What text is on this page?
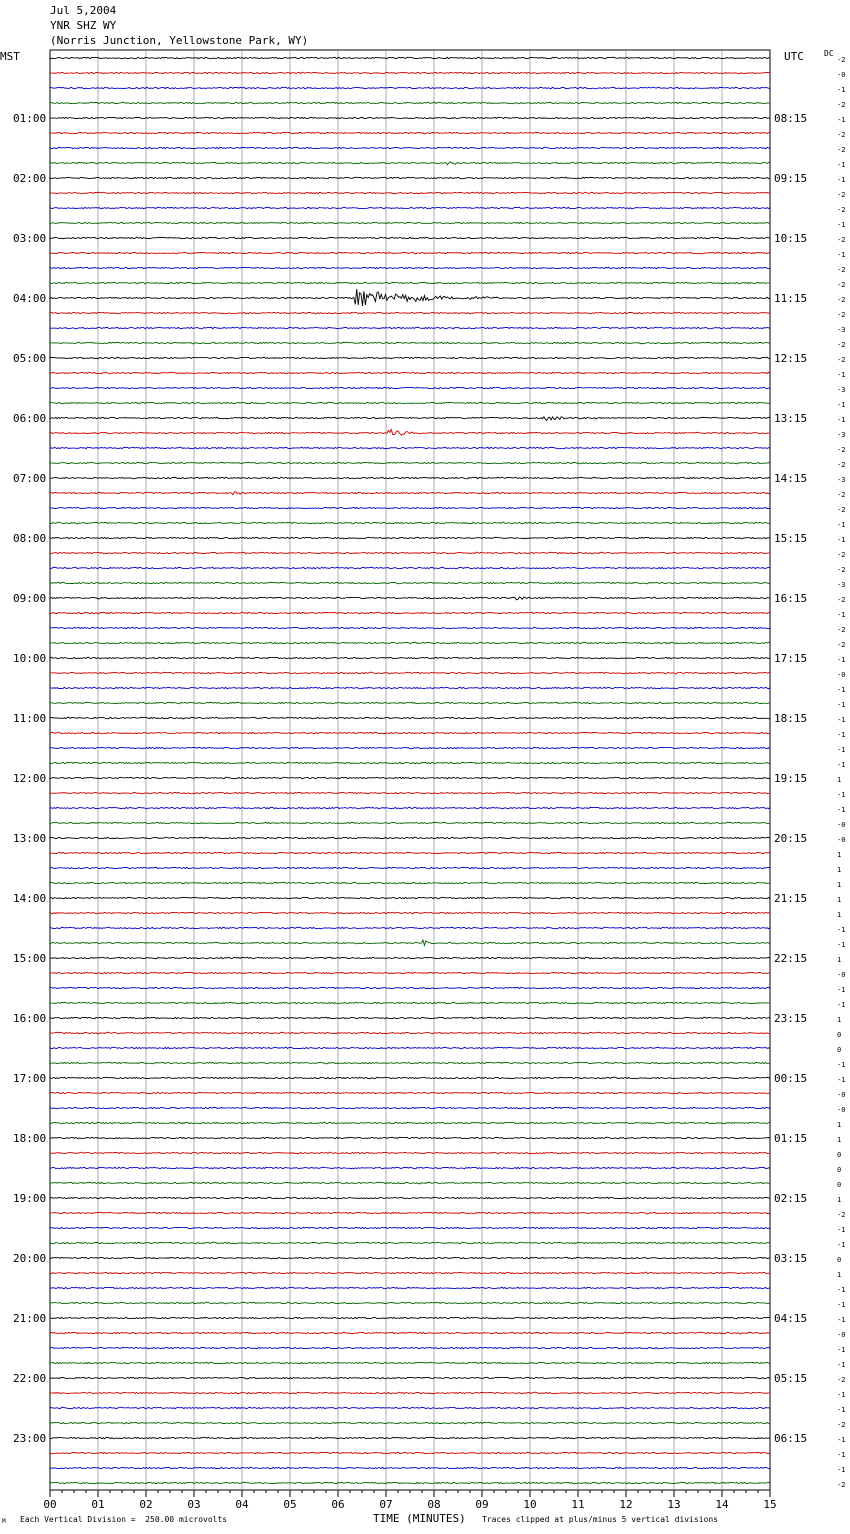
Jul 5,2004
YNR SHZ WY
(Norris Junction, Yellowstone Park, WY)
MST	UTC	DC
-2
-0
-1
-2
-1
-2
-2
-1
-1
-2
-2
-1
-2
-1
-2
-2
-2
-2
-3
-2
-2
-1
-3
-1
-1
-3
-2
-2
-3
-2
-2
-1
-1
-2
-2
-3
-2
-1
-2
-2
-1
-0
-1
-1
-1
-1
-1
-1
1
-1
-1
-0
-0
1
1
1
1
1
-1
-1
1
-0
-1
-1
1
0
0
-1
-1
-0
-0
1
1
0
0
0
1
-2
-1
-1
0
1
-1
-1
-1
-0
-1
-1
-2
-1
-1
-2
-1
-1
-1
-2
01:00
02:00
03:00
04:00
05:00
06:00
07:00
08:00
09:00
10:00
11:00
12:00
13:00
14:00
15:00
16:00
17:00
18:00
19:00
20:00
21:00
22:00
23:00
08:15
09:15
10:15
11:15
12:15
13:15
14:15
15:15
16:15
17:15
18:15
19:15
20:15
21:15
22:15
23:15
00:15
01:15
02:15
03:15
04:15
05:15
06:15
00	01	02	03	04	05	06	07	08	09	10	11	12	13	14	15
Each Vertical Division =  250.00 microvolts	TIME (MINUTES) Traces clipped at plus/minus 5 vertical divisions
M
